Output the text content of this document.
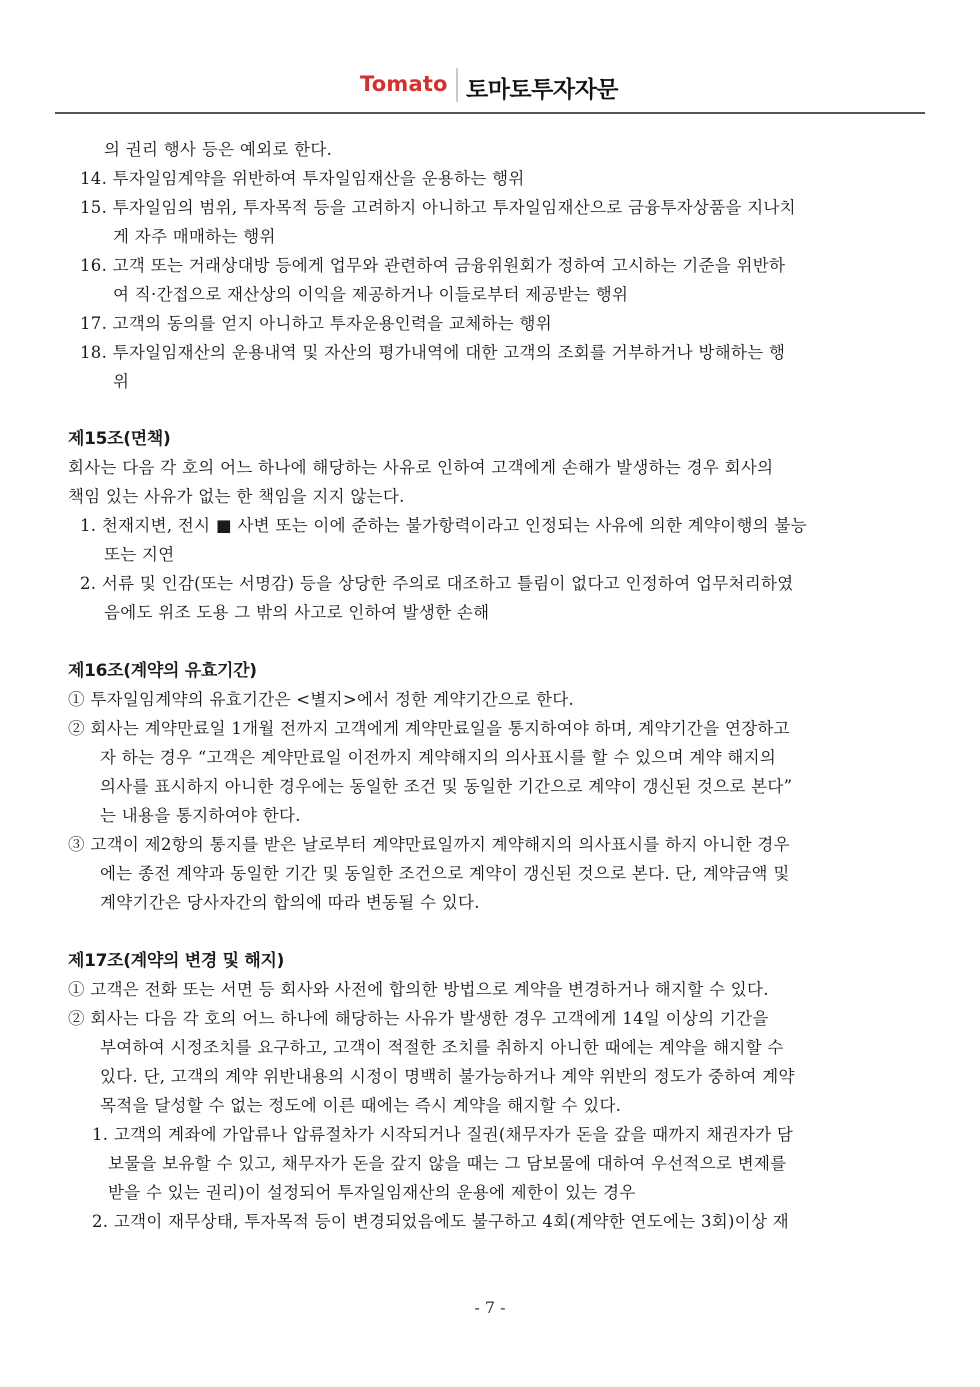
Tomato 토마토투자자문
의 권리 행사 등은 예외로 한다.
14. 투자일임계약을 위반하여 투자일임재산을 운용하는 행위
15. 투자일임의 범위, 투자목적 등을 고려하지 아니하고 투자일임재산으로 금융투자상품을 지나치
게 자주 매매하는 행위
16. 고객 또는 거래상대방 등에게 업무와 관련하여 금융위원회가 정하여 고시하는 기준을 위반하
여 직·간접으로 재산상의 이익을 제공하거나 이들로부터 제공받는 행위
17. 고객의 동의를 얻지 아니하고 투자운용인력을 교체하는 행위
18. 투자일임재산의 운용내역 및 자산의 평가내역에 대한 고객의 조회를 거부하거나 방해하는 행
위
제15조(면책)
회사는 다음 각 호의 어느 하나에 해당하는 사유로 인하여 고객에게 손해가 발생하는 경우 회사의
책임 있는 사유가 없는 한 책임을 지지 않는다.
1. 천재지변, 전시 ■ 사변 또는 이에 준하는 불가항력이라고 인정되는 사유에 의한 계약이행의 불능
또는 지연
2. 서류 및 인감(또는 서명감) 등을 상당한 주의로 대조하고 틀림이 없다고 인정하여 업무처리하였
음에도 위조 도용 그 밖의 사고로 인하여 발생한 손해
제16조(계약의 유효기간)
① 투자일임계약의 유효기간은 <별지>에서 정한 계약기간으로 한다.
② 회사는 계약만료일 1개월 전까지 고객에게 계약만료일을 통지하여야 하며, 계약기간을 연장하고
자 하는 경우 “고객은 계약만료일 이전까지 계약해지의 의사표시를 할 수 있으며 계약 해지의
의사를 표시하지 아니한 경우에는 동일한 조건 및 동일한 기간으로 계약이 갱신된 것으로 본다”
는 내용을 통지하여야 한다.
③ 고객이 제2항의 통지를 받은 날로부터 계약만료일까지 계약해지의 의사표시를 하지 아니한 경우
에는 종전 계약과 동일한 기간 및 동일한 조건으로 계약이 갱신된 것으로 본다. 단, 계약금액 및
계약기간은 당사자간의 합의에 따라 변동될 수 있다.
제17조(계약의 변경 및 해지)
① 고객은 전화 또는 서면 등 회사와 사전에 합의한 방법으로 계약을 변경하거나 해지할 수 있다.
② 회사는 다음 각 호의 어느 하나에 해당하는 사유가 발생한 경우 고객에게 14일 이상의 기간을
부여하여 시정조치를 요구하고, 고객이 적절한 조치를 취하지 아니한 때에는 계약을 해지할 수
있다. 단, 고객의 계약 위반내용의 시정이 명백히 불가능하거나 계약 위반의 정도가 중하여 계약
목적을 달성할 수 없는 정도에 이른 때에는 즉시 계약을 해지할 수 있다.
1. 고객의 계좌에 가압류나 압류절차가 시작되거나 질권(채무자가 돈을 갚을 때까지 채권자가 담
보물을 보유할 수 있고, 채무자가 돈을 갚지 않을 때는 그 담보물에 대하여 우선적으로 변제를
받을 수 있는 권리)이 설정되어 투자일임재산의 운용에 제한이 있는 경우
2. 고객이 재무상태, 투자목적 등이 변경되었음에도 불구하고 4회(계약한 연도에는 3회)이상 재
- 7 -
